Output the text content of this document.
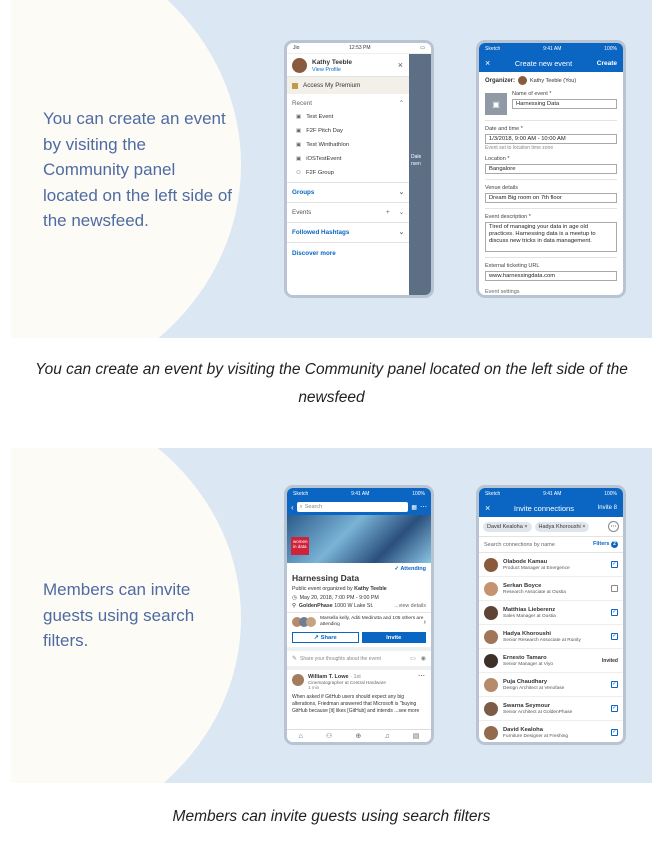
You can create an event by visiting the Community panel located on the left side of the newsfeed.
Jio	12:53 PM	▭
Dale
rsen
Kathy Teeble
View Profile	×
Access My Premium
Recent	⌃
▣ Test Event
▣ F2F Pitch Day
▣ Test Winthathlon
▣ iOSTestEvent
⚇ F2F Group
Groups	⌄
Events	+ ⌄
Followed Hashtags	⌄
Discover more
Sketch	9:41 AM	100%
×	Create new event	Create
Organizer:	Kathy Teeble (You)
▣
Name of event *
Harnessing Data
Date and time *
1/3/2018, 9:00 AM - 10:00 AM
Event set to location time zone
Location *
Bangalore
Venue details
Dream Big room on 7th floor
Event description *
Tired of managing your data in age old practices. Harnessing data is a meetup to discuss new tricks in data management.
External ticketing URL
www.harnessingdata.com
Event settings
You can create an event by visiting the Community panel located on the left side of the newsfeed
Members can invite guests using search filters.
Sketch	9:41 AM	100%
‹ ⌕ Search	▦ ⋯
women in data
✓ Attending
Harnessing Data
Public event organized by Kathy Teeble
◷ May 20, 2018, 7:00 PM - 9:00 PM
⚲ GoldenPhase 1000 W Lake St.	...view details
Marsella kelly, Aditi Medirutta and 105 others are attending	›
↗ Share	Invite
✎ Share your thoughts about the event	▭ ◉
William T. Lowe · 1st
Cinematographer at Central Hardware
1 min
⋯
When asked if GitHub users should expect any big alterations, Friedman answered that Microsoft is "buying GitHub because [it] likes [GitHub] and intends ...see more
⌂	⚇	⊕	♫	▤
Sketch	9:41 AM	100%
×	Invite connections	Invite 8
David Kealoha ×	Hadya Khoroushi ×	⋯
Search connections by name	Filters 2
Olabode Kamau
Product Manager at Energence
✓
Serkan Boyce
Research Associate at Oustia
Matthias Lieberenz
Sales Manager at Oustia
✓
Hadya Khoroushi
Senior Research Associate at Runity
✓
Ernesto Tamaro
Senior Manager at Viyo
Invited
Puja Chaudhary
Design Architect at Venofase
✓
Swarna Seymour
Senior Architect at GoldenPhase
✓
David Kealoha
Furniture Designer at Freshing
✓
Members can invite guests using search filters
